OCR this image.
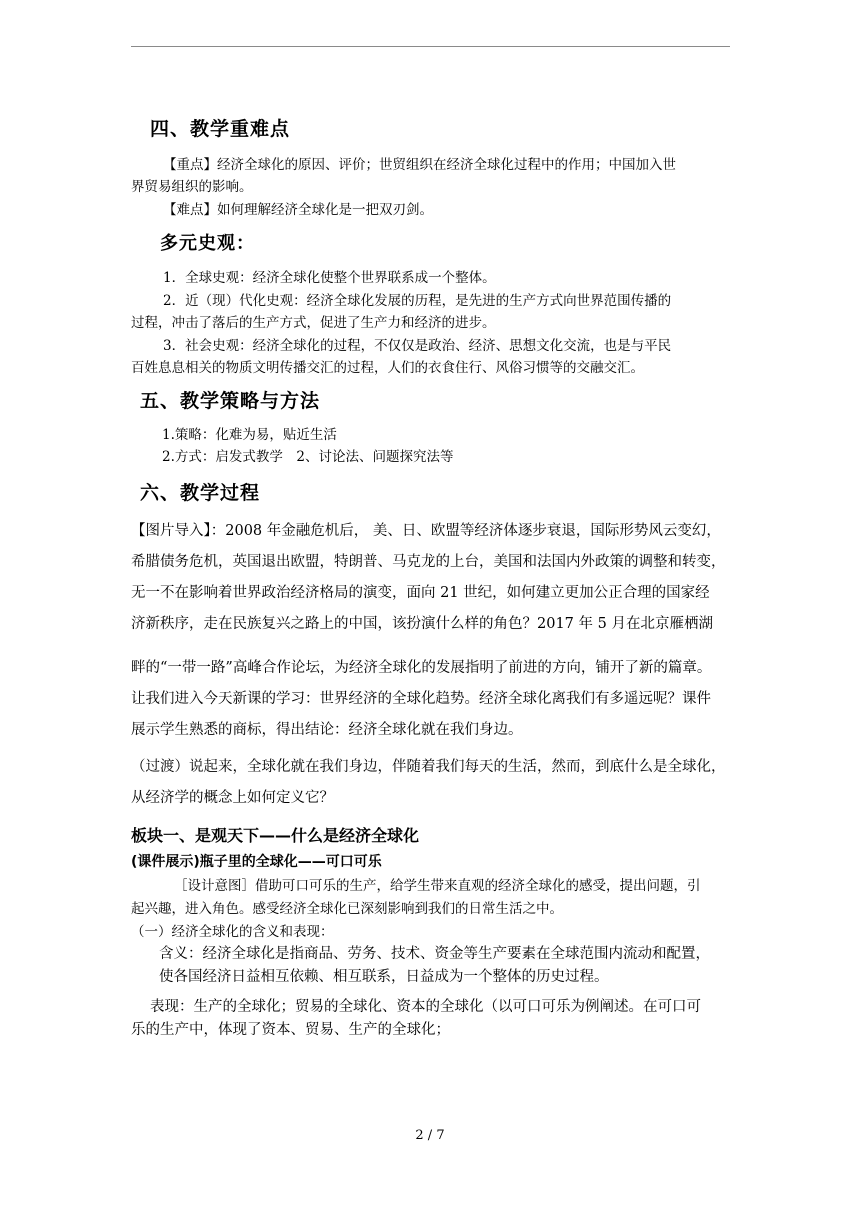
四、教学重难点
【重点】经济全球化的原因、评价；世贸组织在经济全球化过程中的作用；中国加入世
界贸易组织的影响。
【难点】如何理解经济全球化是一把双刃剑。
多元史观：
1．全球史观：经济全球化使整个世界联系成一个整体。
2．近（现）代化史观：经济全球化发展的历程，是先进的生产方式向世界范围传播的
过程，冲击了落后的生产方式，促进了生产力和经济的进步。
3．社会史观：经济全球化的过程，不仅仅是政治、经济、思想文化交流，也是与平民
百姓息息相关的物质文明传播交汇的过程，人们的衣食住行、风俗习惯等的交融交汇。
五、教学策略与方法
1.策略：化难为易，贴近生活
2.方式：启发式教学　2、讨论法、问题探究法等
六、教学过程
【图片导入】：2008 年金融危机后， 美、日、欧盟等经济体逐步衰退，国际形势风云变幻，
希腊债务危机，英国退出欧盟，特朗普、马克龙的上台，美国和法国内外政策的调整和转变，
无一不在影响着世界政治经济格局的演变，面向 21 世纪，如何建立更加公正合理的国家经
济新秩序，走在民族复兴之路上的中国，该扮演什么样的角色？2017 年 5 月在北京雁栖湖
畔的“一带一路”高峰合作论坛，为经济全球化的发展指明了前进的方向，铺开了新的篇章。
让我们进入今天新课的学习：世界经济的全球化趋势。经济全球化离我们有多遥远呢？课件
展示学生熟悉的商标，得出结论：经济全球化就在我们身边。
（过渡）说起来，全球化就在我们身边，伴随着我们每天的生活，然而，到底什么是全球化，
从经济学的概念上如何定义它？
板块一、是观天下——什么是经济全球化
(课件展示)瓶子里的全球化——可口可乐
［设计意图］借助可口可乐的生产，给学生带来直观的经济全球化的感受，提出问题，引
起兴趣，进入角色。感受经济全球化已深刻影响到我们的日常生活之中。
（一）经济全球化的含义和表现：
含义：经济全球化是指商品、劳务、技术、资金等生产要素在全球范围内流动和配置，
使各国经济日益相互依赖、相互联系，日益成为一个整体的历史过程。
表现：生产的全球化；贸易的全球化、资本的全球化（以可口可乐为例阐述。在可口可
乐的生产中，体现了资本、贸易、生产的全球化；
2 / 7
